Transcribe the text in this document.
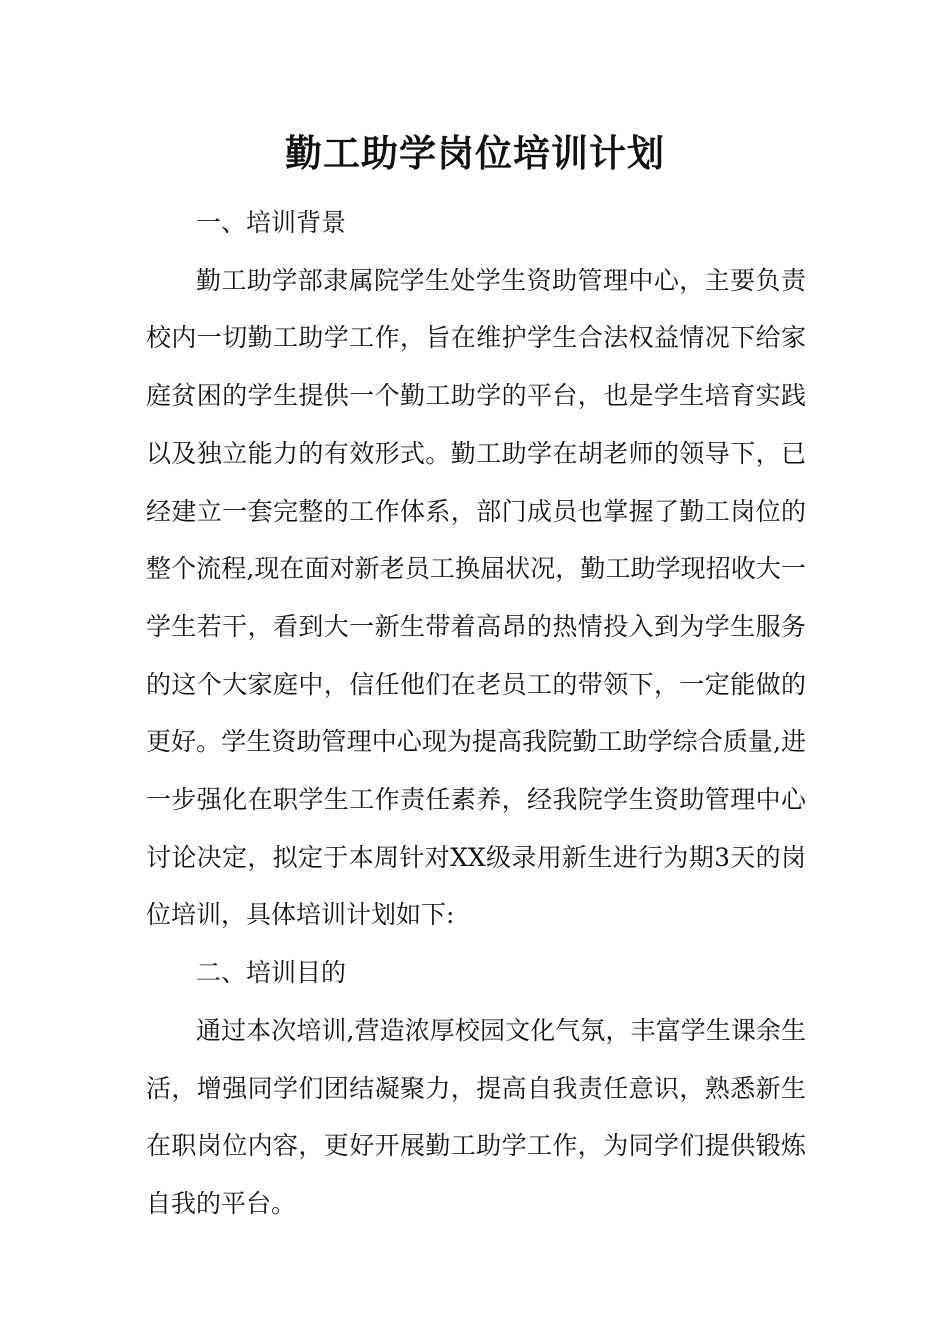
勤工助学岗位培训计划

一、培训背景

勤工助学部隶属院学生处学生资助管理中心，主要负责校内一切勤工助学工作，旨在维护学生合法权益情况下给家庭贫困的学生提供一个勤工助学的平台，也是学生培育实践以及独立能力的有效形式。勤工助学在胡老师的领导下，已经建立一套完整的工作体系，部门成员也掌握了勤工岗位的整个流程,现在面对新老员工换届状况，勤工助学现招收大一学生若干，看到大一新生带着高昂的热情投入到为学生服务的这个大家庭中，信任他们在老员工的带领下，一定能做的更好。学生资助管理中心现为提高我院勤工助学综合质量,进一步强化在职学生工作责任素养，经我院学生资助管理中心讨论决定，拟定于本周针对XX级录用新生进行为期3天的岗位培训，具体培训计划如下:

二、培训目的

通过本次培训,营造浓厚校园文化气氛，丰富学生课余生活，增强同学们团结凝聚力，提高自我责任意识，熟悉新生在职岗位内容，更好开展勤工助学工作，为同学们提供锻炼自我的平台。
